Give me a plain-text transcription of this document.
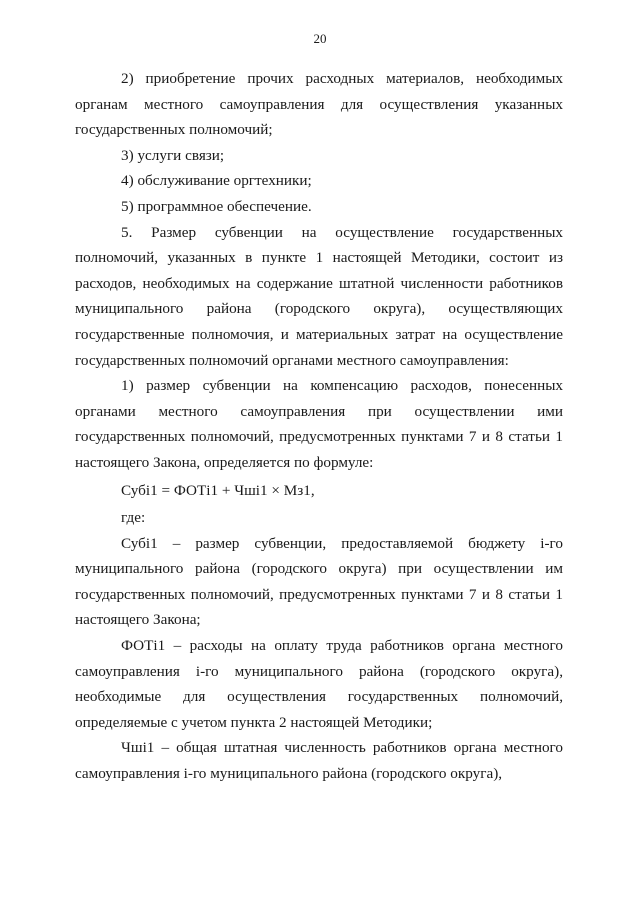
20

2) приобретение прочих расходных материалов, необходимых органам местного самоуправления для осуществления указанных государственных полномочий;

3) услуги связи;

4) обслуживание оргтехники;

5) программное обеспечение.

5. Размер субвенции на осуществление государственных полномочий, указанных в пункте 1 настоящей Методики, состоит из расходов, необходимых на содержание штатной численности работников муниципального района (городского округа), осуществляющих государственные полномочия, и материальных затрат на осуществление государственных полномочий органами местного самоуправления:

1) размер субвенции на компенсацию расходов, понесенных органами местного самоуправления при осуществлении ими государственных полномочий, предусмотренных пунктами 7 и 8 статьи 1 настоящего Закона, определяется по формуле:

Субi1 = ФОТi1 + Чшi1 × Мз1,

где:

Субi1 – размер субвенции, предоставляемой бюджету i-го муниципального района (городского округа) при осуществлении им государственных полномочий, предусмотренных пунктами 7 и 8 статьи 1 настоящего Закона;

ФОТi1 – расходы на оплату труда работников органа местного самоуправления i-го муниципального района (городского округа), необходимые для осуществления государственных полномочий, определяемые с учетом пункта 2 настоящей Методики;

Чшi1 – общая штатная численность работников органа местного самоуправления i-го муниципального района (городского округа),
